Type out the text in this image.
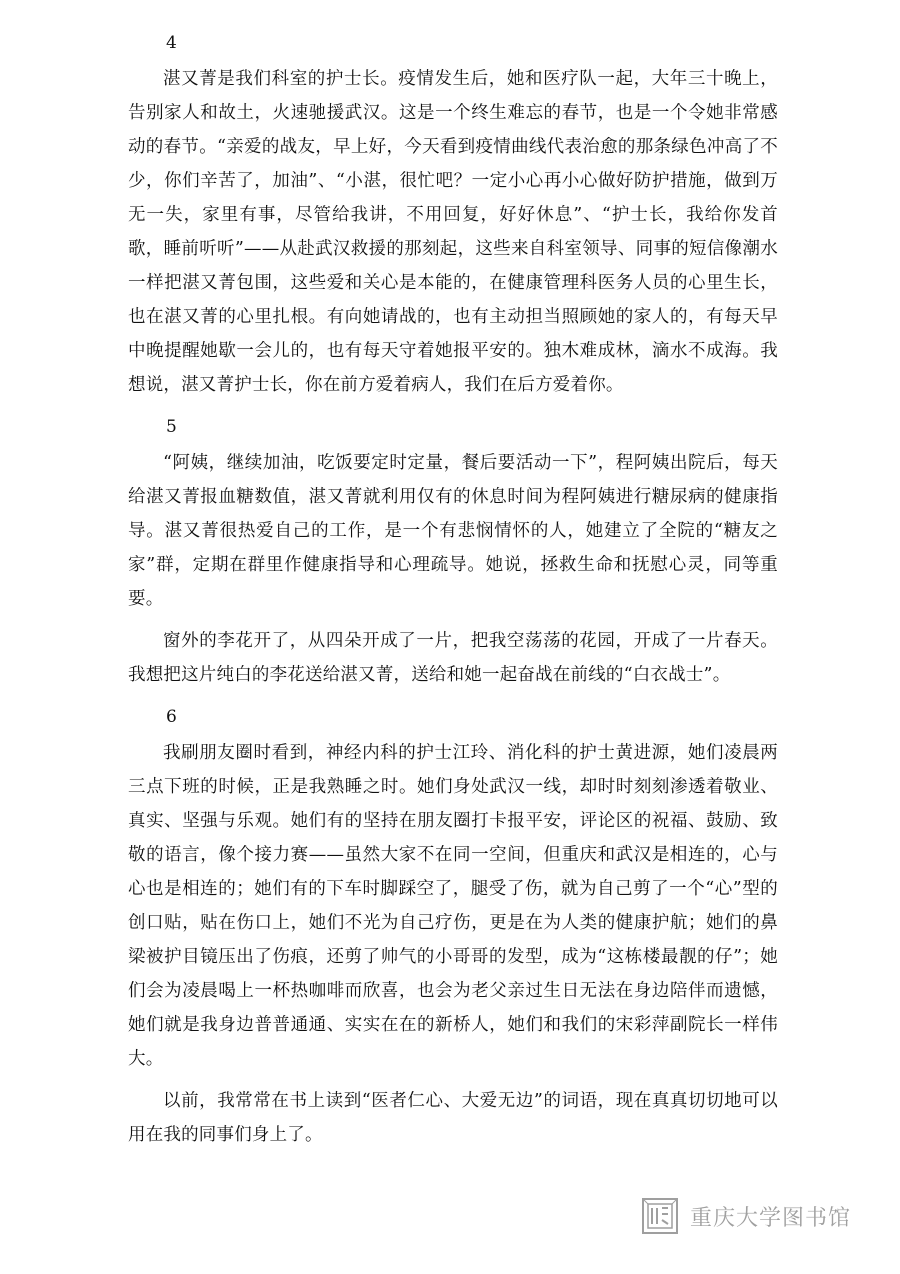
4

湛又菁是我们科室的护士长。疫情发生后，她和医疗队一起，大年三十晚上，告别家人和故土，火速驰援武汉。这是一个终生难忘的春节，也是一个令她非常感动的春节。“亲爱的战友，早上好，今天看到疫情曲线代表治愈的那条绿色冲高了不少，你们辛苦了，加油”、“小湛，很忙吧？一定小心再小心做好防护措施，做到万无一失，家里有事，尽管给我讲，不用回复，好好休息”、“护士长，我给你发首歌，睡前听听”——从赴武汉救援的那刻起，这些来自科室领导、同事的短信像潮水一样把湛又菁包围，这些爱和关心是本能的，在健康管理科医务人员的心里生长，也在湛又菁的心里扎根。有向她请战的，也有主动担当照顾她的家人的，有每天早中晚提醒她歇一会儿的，也有每天守着她报平安的。独木难成林，滴水不成海。我想说，湛又菁护士长，你在前方爱着病人，我们在后方爱着你。

5

“阿姨，继续加油，吃饭要定时定量，餐后要活动一下”，程阿姨出院后，每天给湛又菁报血糖数值，湛又菁就利用仅有的休息时间为程阿姨进行糖尿病的健康指导。湛又菁很热爱自己的工作，是一个有悲悯情怀的人，她建立了全院的“糖友之家”群，定期在群里作健康指导和心理疏导。她说，拯救生命和抚慰心灵，同等重要。

窗外的李花开了，从四朵开成了一片，把我空荡荡的花园，开成了一片春天。我想把这片纯白的李花送给湛又菁，送给和她一起奋战在前线的“白衣战士”。

6

我刷朋友圈时看到，神经内科的护士江玲、消化科的护士黄进源，她们凌晨两三点下班的时候，正是我熟睡之时。她们身处武汉一线，却时时刻刻渗透着敬业、真实、坚强与乐观。她们有的坚持在朋友圈打卡报平安，评论区的祝福、鼓励、致敬的语言，像个接力赛——虽然大家不在同一空间，但重庆和武汉是相连的，心与心也是相连的；她们有的下车时脚踩空了，腿受了伤，就为自己剪了一个“心”型的创口贴，贴在伤口上，她们不光为自己疗伤，更是在为人类的健康护航；她们的鼻梁被护目镜压出了伤痕，还剪了帅气的小哥哥的发型，成为“这栋楼最靓的仔”；她们会为凌晨喝上一杯热咖啡而欣喜，也会为老父亲过生日无法在身边陪伴而遗憾，她们就是我身边普普通通、实实在在的新桥人，她们和我们的宋彩萍副院长一样伟大。

以前，我常常在书上读到“医者仁心、大爱无边”的词语，现在真真切切地可以用在我的同事们身上了。

重庆大学图书馆
